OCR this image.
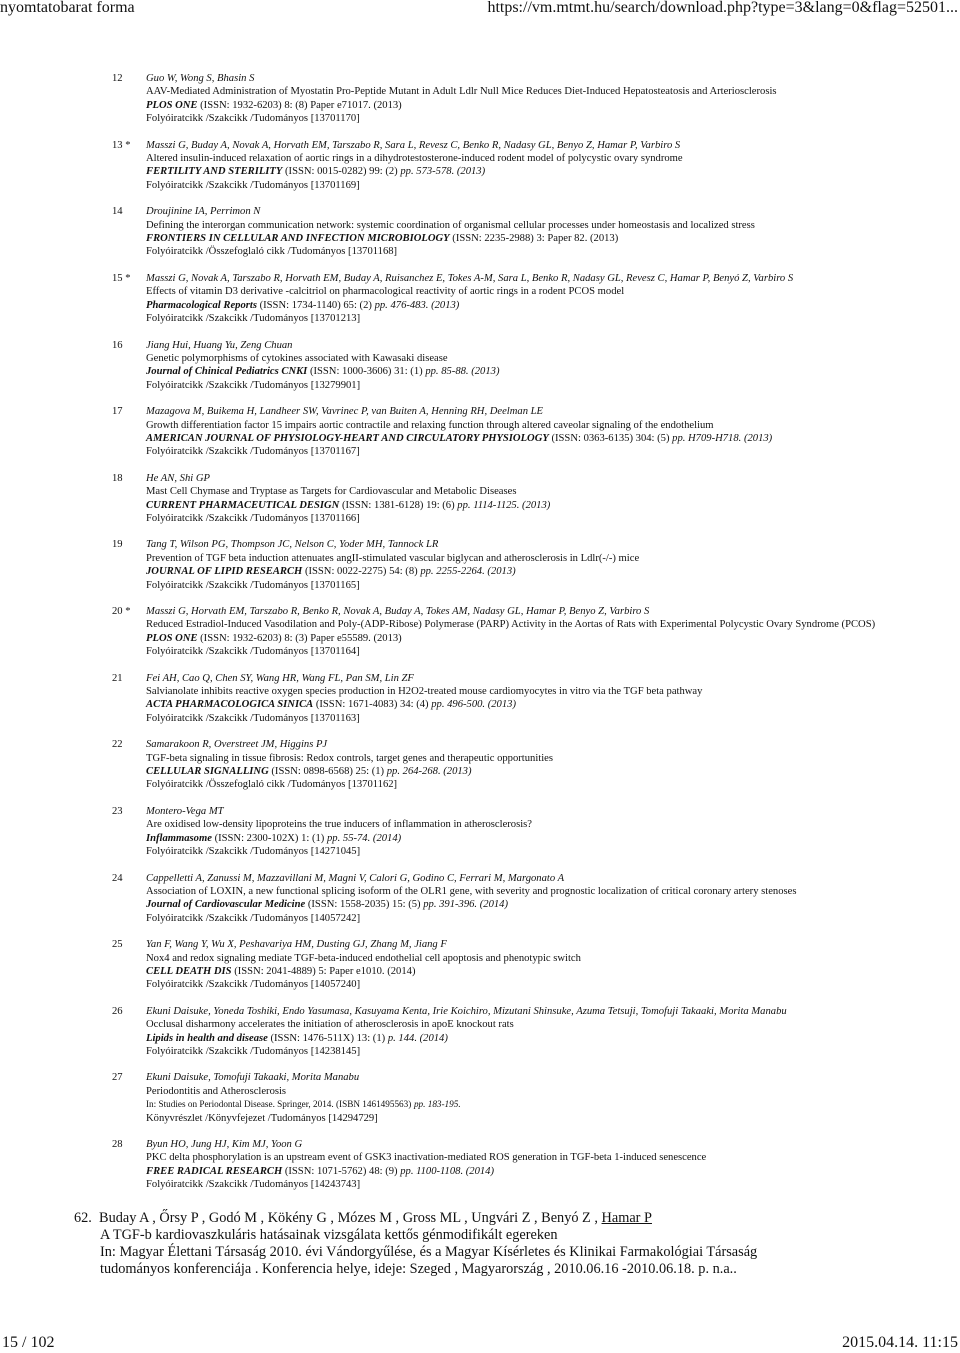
nyomtatobarat forma	https://vm.mtmt.hu/search/download.php?type=3&lang=0&flag=52501...
12	Guo W, Wong S, Bhasin S
AAV-Mediated Administration of Myostatin Pro-Peptide Mutant in Adult Ldlr Null Mice Reduces Diet-Induced Hepatosteatosis and Arteriosclerosis
PLOS ONE (ISSN: 1932-6203) 8: (8) Paper e71017. (2013)
Folyóiratcikk /Szakcikk /Tudományos [13701170]
13 *	Masszi G, Buday A, Novak A, Horvath EM, Tarszabo R, Sara L, Revesz C, Benko R, Nadasy GL, Benyo Z, Hamar P, Varbiro S
Altered insulin-induced relaxation of aortic rings in a dihydrotestosterone-induced rodent model of polycystic ovary syndrome
FERTILITY AND STERILITY (ISSN: 0015-0282) 99: (2) pp. 573-578. (2013)
Folyóiratcikk /Szakcikk /Tudományos [13701169]
14	Droujinine IA, Perrimon N
Defining the interorgan communication network: systemic coordination of organismal cellular processes under homeostasis and localized stress
FRONTIERS IN CELLULAR AND INFECTION MICROBIOLOGY (ISSN: 2235-2988) 3: Paper 82. (2013)
Folyóiratcikk /Összefoglaló cikk /Tudományos [13701168]
15 *	Masszi G, Novak A, Tarszabo R, Horvath EM, Buday A, Ruisanchez E, Tokes A-M, Sara L, Benko R, Nadasy GL, Revesz C, Hamar P, Benyó Z, Varbiro S
Effects of vitamin D3 derivative -calcitriol on pharmacological reactivity of aortic rings in a rodent PCOS model
Pharmacological Reports (ISSN: 1734-1140) 65: (2) pp. 476-483. (2013)
Folyóiratcikk /Szakcikk /Tudományos [13701213]
16	Jiang Hui, Huang Yu, Zeng Chuan
Genetic polymorphisms of cytokines associated with Kawasaki disease
Journal of Chinical Pediatrics CNKI (ISSN: 1000-3606) 31: (1) pp. 85-88. (2013)
Folyóiratcikk /Szakcikk /Tudományos [13279901]
17	Mazagova M, Buikema H, Landheer SW, Vavrinec P, van Buiten A, Henning RH, Deelman LE
Growth differentiation factor 15 impairs aortic contractile and relaxing function through altered caveolar signaling of the endothelium
AMERICAN JOURNAL OF PHYSIOLOGY-HEART AND CIRCULATORY PHYSIOLOGY (ISSN: 0363-6135) 304: (5) pp. H709-H718. (2013)
Folyóiratcikk /Szakcikk /Tudományos [13701167]
18	He AN, Shi GP
Mast Cell Chymase and Tryptase as Targets for Cardiovascular and Metabolic Diseases
CURRENT PHARMACEUTICAL DESIGN (ISSN: 1381-6128) 19: (6) pp. 1114-1125. (2013)
Folyóiratcikk /Szakcikk /Tudományos [13701166]
19	Tang T, Wilson PG, Thompson JC, Nelson C, Yoder MH, Tannock LR
Prevention of TGF beta induction attenuates angII-stimulated vascular biglycan and atherosclerosis in Ldlr(-/-) mice
JOURNAL OF LIPID RESEARCH (ISSN: 0022-2275) 54: (8) pp. 2255-2264. (2013)
Folyóiratcikk /Szakcikk /Tudományos [13701165]
20 *	Masszi G, Horvath EM, Tarszabo R, Benko R, Novak A, Buday A, Tokes AM, Nadasy GL, Hamar P, Benyo Z, Varbiro S
Reduced Estradiol-Induced Vasodilation and Poly-(ADP-Ribose) Polymerase (PARP) Activity in the Aortas of Rats with Experimental Polycystic Ovary Syndrome (PCOS)
PLOS ONE (ISSN: 1932-6203) 8: (3) Paper e55589. (2013)
Folyóiratcikk /Szakcikk /Tudományos [13701164]
21	Fei AH, Cao Q, Chen SY, Wang HR, Wang FL, Pan SM, Lin ZF
Salvianolate inhibits reactive oxygen species production in H2O2-treated mouse cardiomyocytes in vitro via the TGF beta pathway
ACTA PHARMACOLOGICA SINICA (ISSN: 1671-4083) 34: (4) pp. 496-500. (2013)
Folyóiratcikk /Szakcikk /Tudományos [13701163]
22	Samarakoon R, Overstreet JM, Higgins PJ
TGF-beta signaling in tissue fibrosis: Redox controls, target genes and therapeutic opportunities
CELLULAR SIGNALLING (ISSN: 0898-6568) 25: (1) pp. 264-268. (2013)
Folyóiratcikk /Összefoglaló cikk /Tudományos [13701162]
23	Montero-Vega MT
Are oxidised low-density lipoproteins the true inducers of inflammation in atherosclerosis?
Inflammasome (ISSN: 2300-102X) 1: (1) pp. 55-74. (2014)
Folyóiratcikk /Szakcikk /Tudományos [14271045]
24	Cappelletti A, Zanussi M, Mazzavillani M, Magni V, Calori G, Godino C, Ferrari M, Margonato A
Association of LOXIN, a new functional splicing isoform of the OLR1 gene, with severity and prognostic localization of critical coronary artery stenoses
Journal of Cardiovascular Medicine (ISSN: 1558-2035) 15: (5) pp. 391-396. (2014)
Folyóiratcikk /Szakcikk /Tudományos [14057242]
25	Yan F, Wang Y, Wu X, Peshavariya HM, Dusting GJ, Zhang M, Jiang F
Nox4 and redox signaling mediate TGF-beta-induced endothelial cell apoptosis and phenotypic switch
CELL DEATH DIS (ISSN: 2041-4889) 5: Paper e1010. (2014)
Folyóiratcikk /Szakcikk /Tudományos [14057240]
26	Ekuni Daisuke, Yoneda Toshiki, Endo Yasumasa, Kasuyama Kenta, Irie Koichiro, Mizutani Shinsuke, Azuma Tetsuji, Tomofuji Takaaki, Morita Manabu
Occlusal disharmony accelerates the initiation of atherosclerosis in apoE knockout rats
Lipids in health and disease (ISSN: 1476-511X) 13: (1) p. 144. (2014)
Folyóiratcikk /Szakcikk /Tudományos [14238145]
27	Ekuni Daisuke, Tomofuji Takaaki, Morita Manabu
Periodontitis and Atherosclerosis
In: Studies on Periodontal Disease. Springer, 2014. (ISBN 1461495563) pp. 183-195.
Könyvrészlet /Könyvfejezet /Tudományos [14294729]
28	Byun HO, Jung HJ, Kim MJ, Yoon G
PKC delta phosphorylation is an upstream event of GSK3 inactivation-mediated ROS generation in TGF-beta 1-induced senescence
FREE RADICAL RESEARCH (ISSN: 1071-5762) 48: (9) pp. 1100-1108. (2014)
Folyóiratcikk /Szakcikk /Tudományos [14243743]
62. Buday A , Őrsy P , Godó M , Kökény G , Mózes M , Gross ML , Ungvári Z , Benyó Z , Hamar P
A TGF-b kardiovaszkuláris hatásainak vizsgálata kettős génmodifikált egereken
In: Magyar Élettani Társaság 2010. évi Vándorgyűlése, és a Magyar Kísérletes és Klinikai Farmakológiai Társaság
tudományos konferenciája . Konferencia helye, ideje: Szeged , Magyarország , 2010.06.16 -2010.06.18. p. n.a..
15 / 102	2015.04.14. 11:15
